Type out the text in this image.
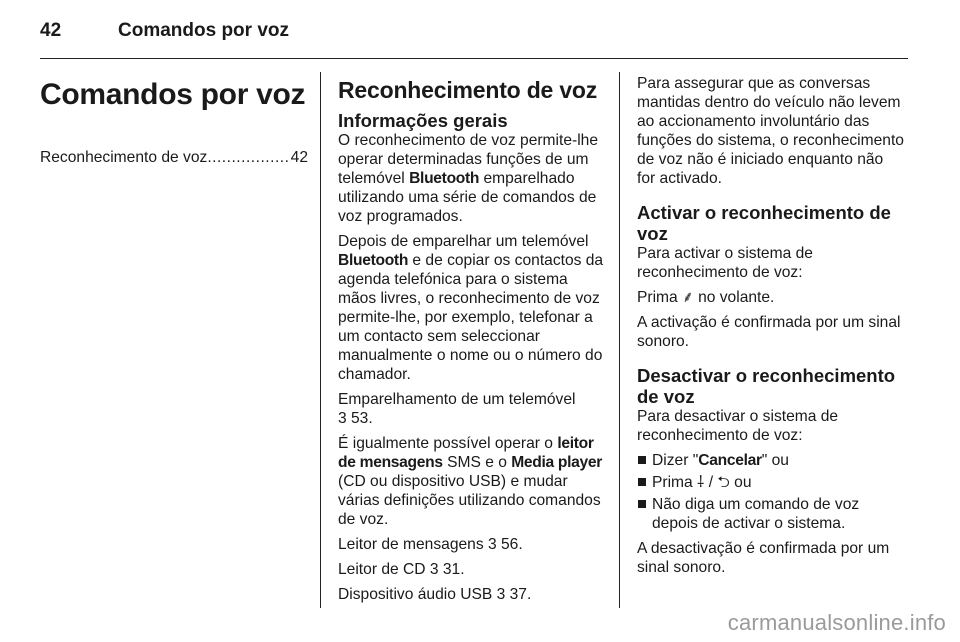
42	Comandos por voz
Comandos por voz
Reconhecimento de voz
.....	42
Reconhecimento de voz
Informações gerais

O reconhecimento de voz permite-lhe operar determinadas funções de um telemóvel Bluetooth emparelhado utilizando uma série de comandos de voz programados.

Depois de emparelhar um telemóvel Bluetooth e de copiar os contactos da agenda telefónica para o sistema mãos livres, o reconhecimento de voz permite-lhe, por exemplo, telefonar a um contacto sem seleccionar manualmente o nome ou o número do chamador.

Emparelhamento de um telemóvel
3 53.

É igualmente possível operar o leitor de mensagens SMS e o Media player (CD ou dispositivo USB) e mudar várias definições utilizando comandos de voz.

Leitor de mensagens 3 56.

Leitor de CD 3 31.

Dispositivo áudio USB 3 37.

Para assegurar que as conversas mantidas dentro do veículo não levem ao accionamento involuntário das funções do sistema, o reconhecimento de voz não é iniciado enquanto não for activado.

Activar o reconhecimento de voz

Para activar o sistema de reconhecimento de voz:

Prima ⸙ no volante.

A activação é confirmada por um sinal sonoro.

Desactivar o reconhecimento de voz

Para desactivar o sistema de reconhecimento de voz:

Dizer "Cancelar" ou
Prima ⸸ / ⮌ ou
Não diga um comando de voz depois de activar o sistema.

A desactivação é confirmada por um sinal sonoro.

carmanualsonline.info
